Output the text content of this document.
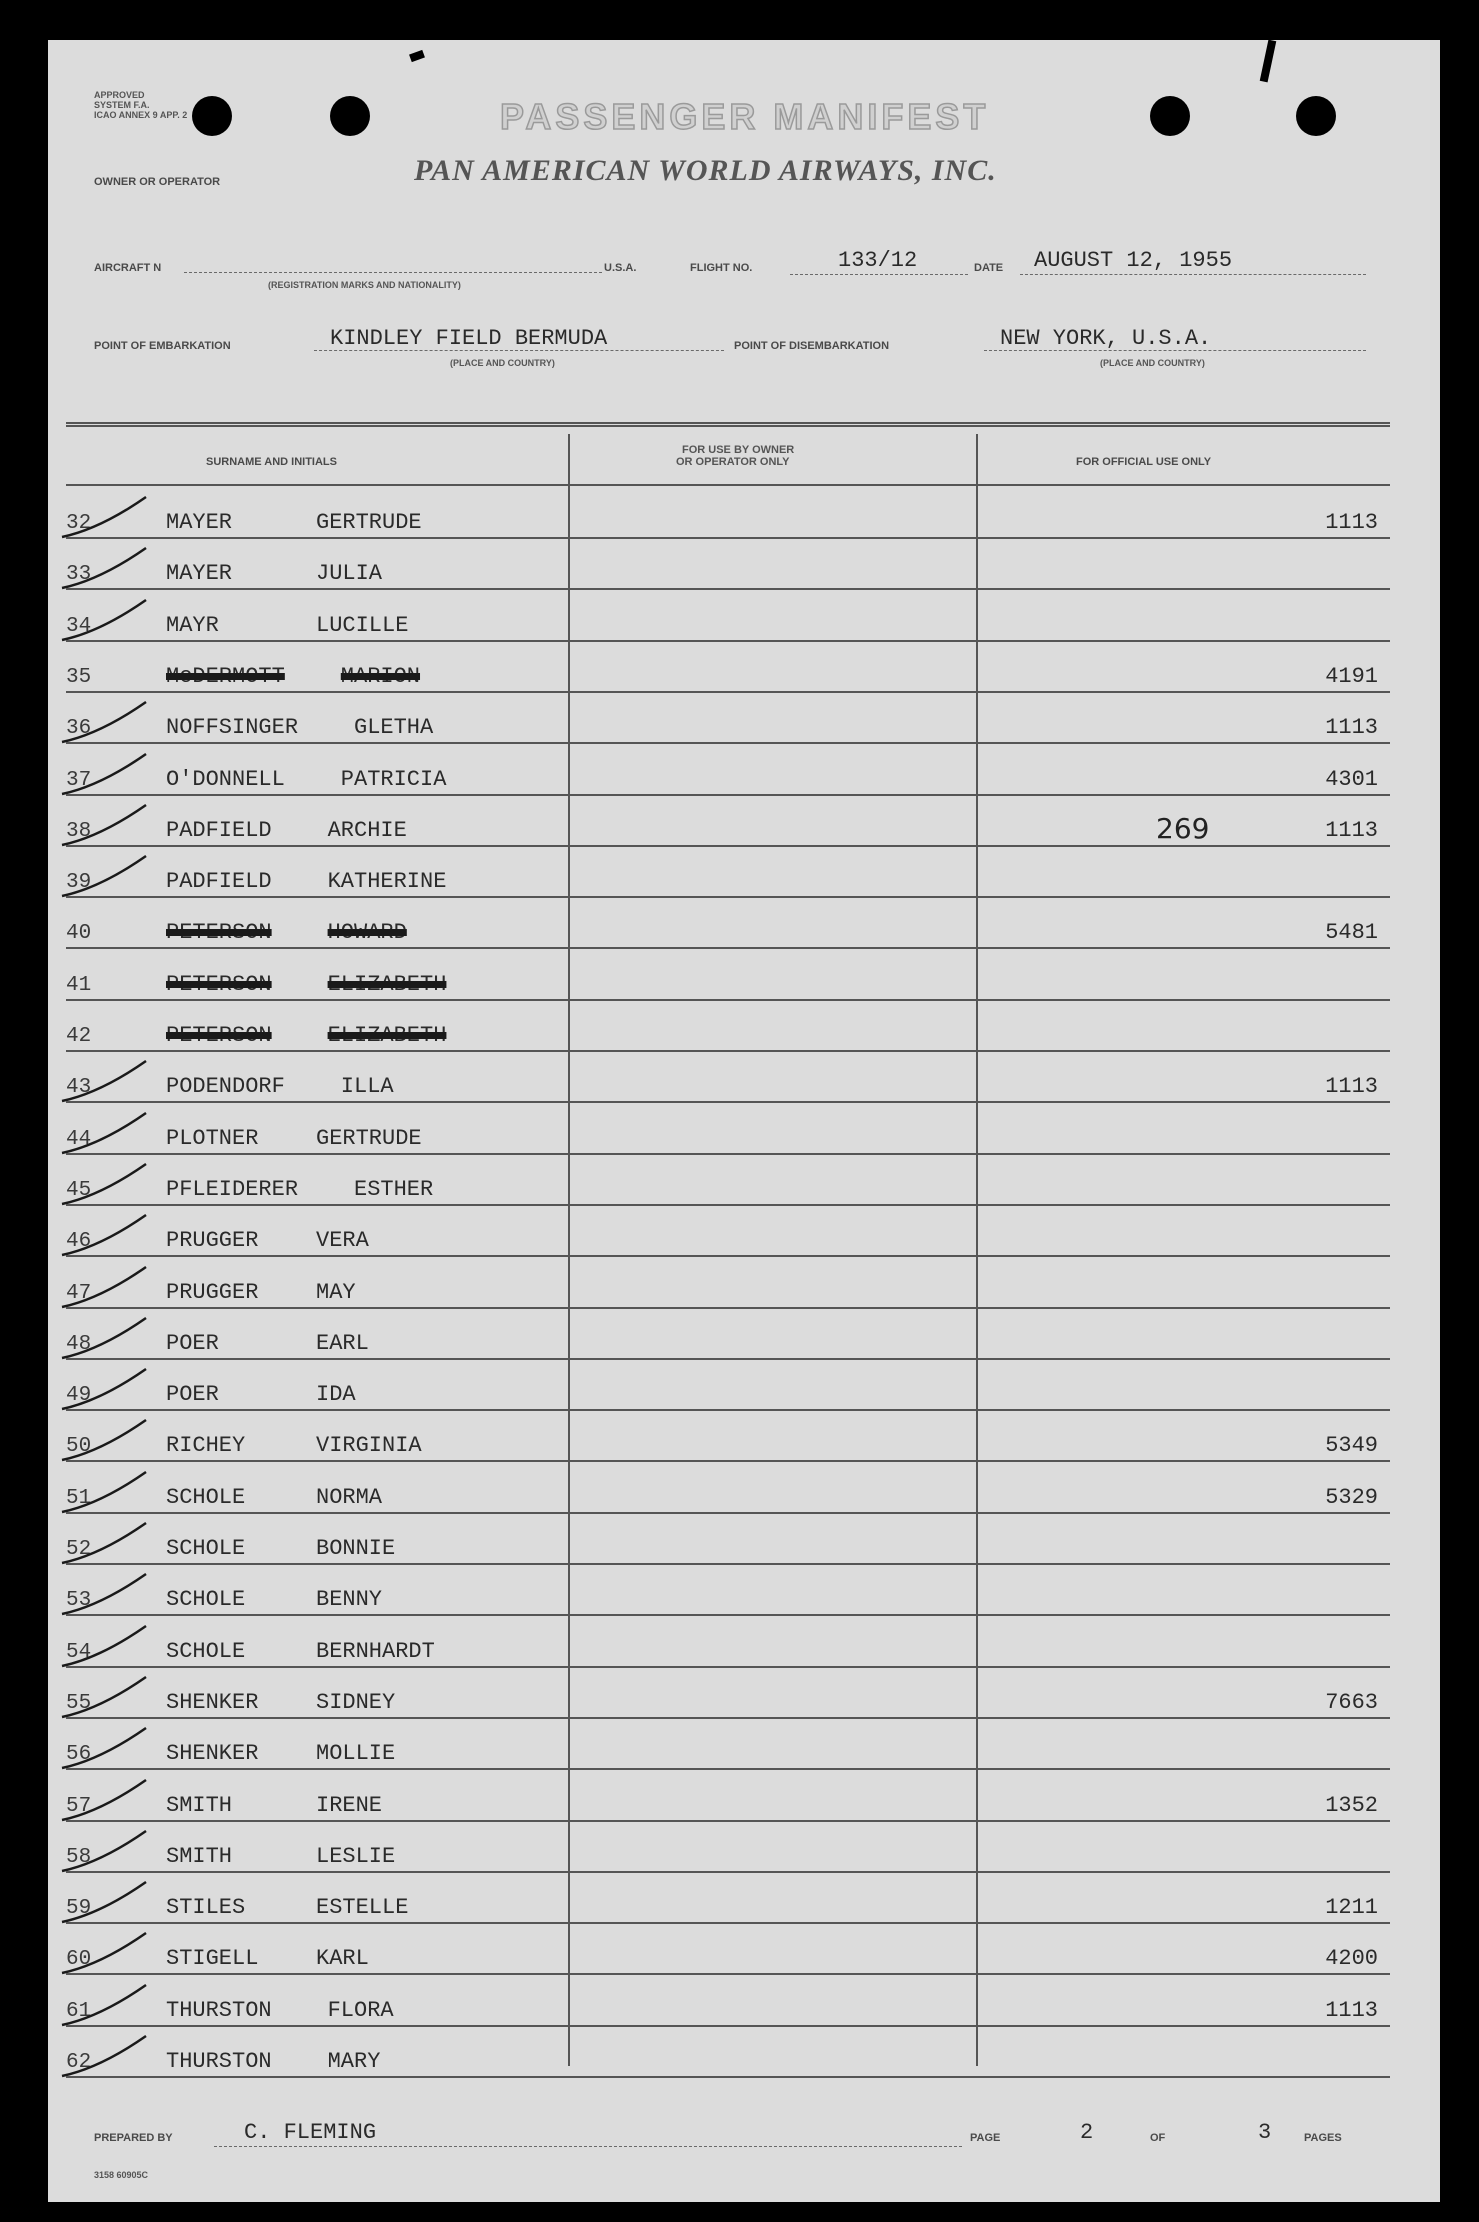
APPROVED
SYSTEM F.A.
ICAO ANNEX 9 APP. 2	PASSENGER MANIFEST
OWNER OR OPERATOR	PAN AMERICAN WORLD AIRWAYS, INC.
AIRCRAFT N
(REGISTRATION MARKS AND NATIONALITY)
U.S.A.	FLIGHT NO.	133/12	DATE AUGUST 12, 1955
POINT OF EMBARKATION	KINDLEY FIELD BERMUDA
(PLACE AND COUNTRY)
POINT OF DISEMBARKATION	NEW YORK, U.S.A.
(PLACE AND COUNTRY)
SURNAME AND INITIALS
FOR USE BY OWNER
OR OPERATOR ONLY	FOR OFFICIAL USE ONLY
32	MAYER	GERTRUDE	1113
33	MAYER	JULIA
34	MAYR	LUCILLE
35	McDERMOTT	MARION	4191
36	NOFFSINGER	GLETHA	1113
37	O'DONNELL	PATRICIA	4301
38	PADFIELD	ARCHIE	1113
39	PADFIELD	KATHERINE
40	PETERSON	HOWARD	5481
41	PETERSON	ELIZABETH
42	PETERSON	ELIZABETH
43	PODENDORF	ILLA	1113
44	PLOTNER	GERTRUDE
45	PFLEIDERER	ESTHER
46	PRUGGER	VERA
47	PRUGGER	MAY
48	POER	EARL
49	POER	IDA
50	RICHEY	VIRGINIA	5349
51	SCHOLE	NORMA	5329
52	SCHOLE	BONNIE
53	SCHOLE	BENNY
54	SCHOLE	BERNHARDT
55	SHENKER	SIDNEY	7663
56	SHENKER	MOLLIE
57	SMITH	IRENE	1352
58	SMITH	LESLIE
59	STILES	ESTELLE	1211
60	STIGELL	KARL	4200
61	THURSTON	FLORA	1113
62	THURSTON	MARY
269
PREPARED BY	C. FLEMING	PAGE	2	OF	3	PAGES
3158 60905C
